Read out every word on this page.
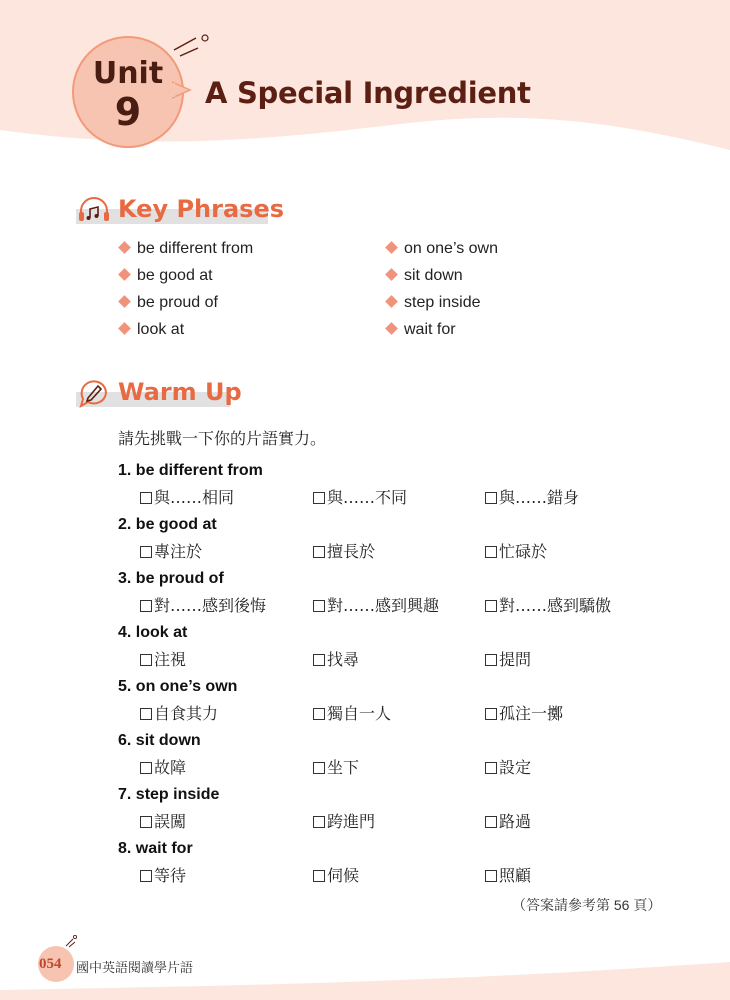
Unit
9	A Special Ingredient
Key Phrases
be different from
be good at
be proud of
look at
on one’s own
sit down
step inside
wait for
Warm Up
請先挑戰一下你的片語實力。
1. be different from
與……相同	與……不同	與……錯身
2. be good at
專注於	擅長於	忙碌於
3. be proud of
對……感到後悔	對……感到興趣	對……感到驕傲
4. look at
注視	找尋	提問
5. on one’s own
自食其力	獨自一人	孤注一擲
6. sit down
故障	坐下	設定
7. step inside
誤闖	跨進門	路過
8. wait for
等待	伺候	照顧
（答案請參考第 56 頁）
054 國中英語閱讀學片語
